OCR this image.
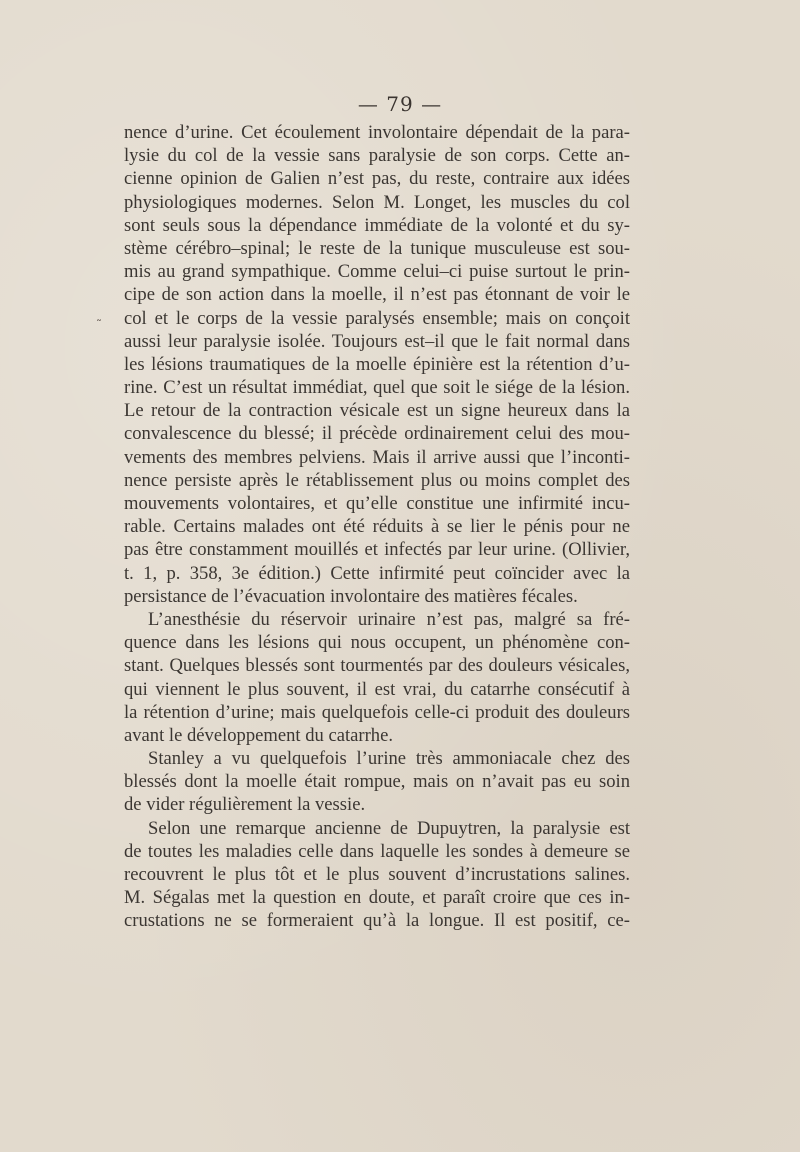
— 79 —
nence d’urine. Cet écoulement involontaire dépendait de la para-
lysie du col de la vessie sans paralysie de son corps. Cette an-
cienne opinion de Galien n’est pas, du reste, contraire aux idées
physiologiques modernes. Selon M. Longet, les muscles du col
sont seuls sous la dépendance immédiate de la volonté et du sy-
stème cérébro–spinal; le reste de la tunique musculeuse est sou-
mis au grand sympathique. Comme celui–ci puise surtout le prin-
cipe de son action dans la moelle, il n’est pas étonnant de voir le
col et le corps de la vessie paralysés ensemble; mais on conçoit
aussi leur paralysie isolée. Toujours est–il que le fait normal dans
les lésions traumatiques de la moelle épinière est la rétention d’u-
rine. C’est un résultat immédiat, quel que soit le siége de la lésion.
Le retour de la contraction vésicale est un signe heureux dans la
convalescence du blessé; il précède ordinairement celui des mou-
vements des membres pelviens. Mais il arrive aussi que l’inconti-
nence persiste après le rétablissement plus ou moins complet des
mouvements volontaires, et qu’elle constitue une infirmité incu-
rable. Certains malades ont été réduits à se lier le pénis pour ne
pas être constamment mouillés et infectés par leur urine. (Ollivier,
t. 1, p. 358, 3e édition.) Cette infirmité peut coïncider avec la
persistance de l’évacuation involontaire des matières fécales.
L’anesthésie du réservoir urinaire n’est pas, malgré sa fré-
quence dans les lésions qui nous occupent, un phénomène con-
stant. Quelques blessés sont tourmentés par des douleurs vésicales,
qui viennent le plus souvent, il est vrai, du catarrhe consécutif à
la rétention d’urine; mais quelquefois celle-ci produit des douleurs
avant le développement du catarrhe.
Stanley a vu quelquefois l’urine très ammoniacale chez des
blessés dont la moelle était rompue, mais on n’avait pas eu soin
de vider régulièrement la vessie.
Selon une remarque ancienne de Dupuytren, la paralysie est
de toutes les maladies celle dans laquelle les sondes à demeure se
recouvrent le plus tôt et le plus souvent d’incrustations salines.
M. Ségalas met la question en doute, et paraît croire que ces in-
crustations ne se formeraient qu’à la longue. Il est positif, ce-
˜
